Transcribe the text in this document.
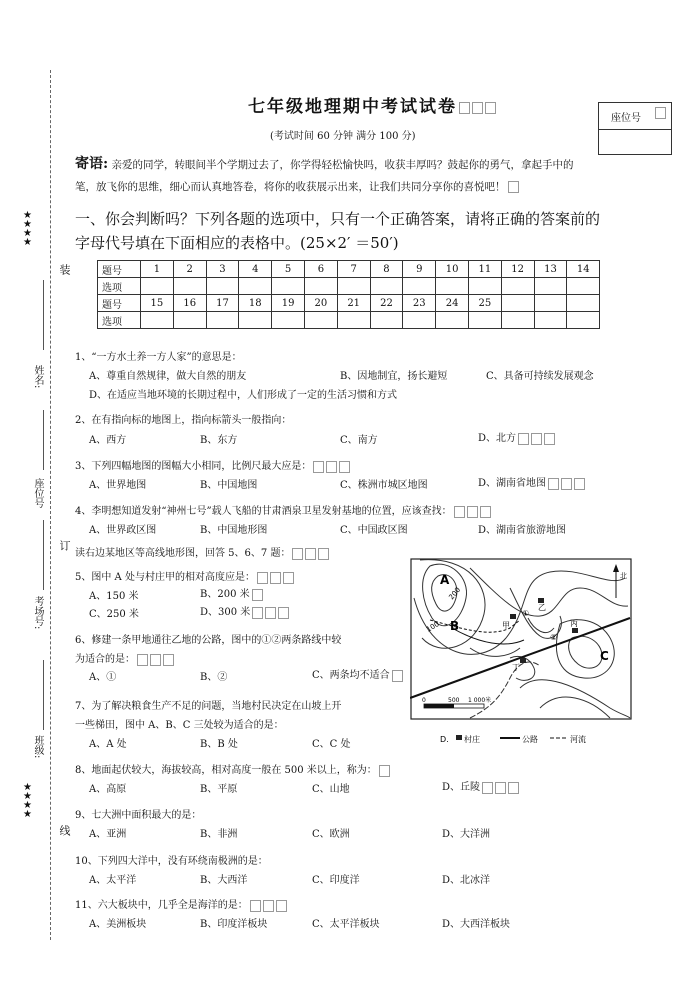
★★★★
★★★★
装
订
线
姓名:
座位号
考场号:
班级:
七年级地理期中考试试卷
(考试时间 60 分钟 满分 100 分)
座位号
寄语: 亲爱的同学，转眼间半个学期过去了，你学得轻松愉快吗，收获丰厚吗？鼓起你的勇气，拿起手中的
笔，放飞你的思维，细心而认真地答卷，将你的收获展示出来，让我们共同分享你的喜悦吧！
一、你会判断吗？下列各题的选项中，只有一个正确答案，请将正确的答案前的
字母代号填在下面相应的表格中。(25×2′ ＝50′)
题号	1	2	3	4	5	6	7	8	9	10	11	12	13	14
选项														
题号	15	16	17	18	19	20	21	22	23	24	25			
选项														
1、“一方水土养一方人家”的意思是：
A、尊重自然规律，做大自然的朋友	B、因地制宜，扬长避短	C、具备可持续发展观念
D、在适应当地环境的长期过程中，人们形成了一定的生活习惯和方式
2、在有指向标的地图上，指向标箭头一般指向：
A、西方	B、东方	C、南方	D、北方
3、下列四幅地图的图幅大小相同，比例尺最大应是：
A、世界地图	B、中国地图	C、株洲市城区地图	D、湖南省地图
4、李明想知道发射“神州七号”载人飞船的甘肃酒泉卫星发射基地的位置，应该查找：
A、世界政区图	B、中国地形图	C、中国政区图	D、湖南省旅游地图
读右边某地区等高线地形图，回答 5、6、7 题：
5、图中 A 处与村庄甲的相对高度应是：
A、150 米	B、200 米
C、250 米	D、300 米
6、修建一条甲地通往乙地的公路，图中的①②两条路线中较
为适合的是：
A、①	B、②	C、两条均不适合
7、为了解决粮食生产不足的问题，当地村民决定在山坡上开
一些梯田，图中 A、B、C 三处较为适合的是：
A、A 处	B、B 处	C、C 处
8、地面起伏较大，海拔较高，相对高度一般在 500 米以上，称为：
A、高原	B、平原	C、山地	D、丘陵
9、七大洲中面积最大的是：
A、亚洲	B、非洲	C、欧洲	D、大洋洲
10、下列四大洋中，没有环绕南极洲的是：
A、太平洋	B、大西洋	C、印度洋	D、北冰洋
11、六大板块中，几乎全是海洋的是：
A、美洲板块	B、印度洋板块	C、太平洋板块	D、大西洋板块
A
B
C
200
100	甲
乙
丙
丁
①
②
北
0	500 1 000米
D. 村庄	公路	河流
